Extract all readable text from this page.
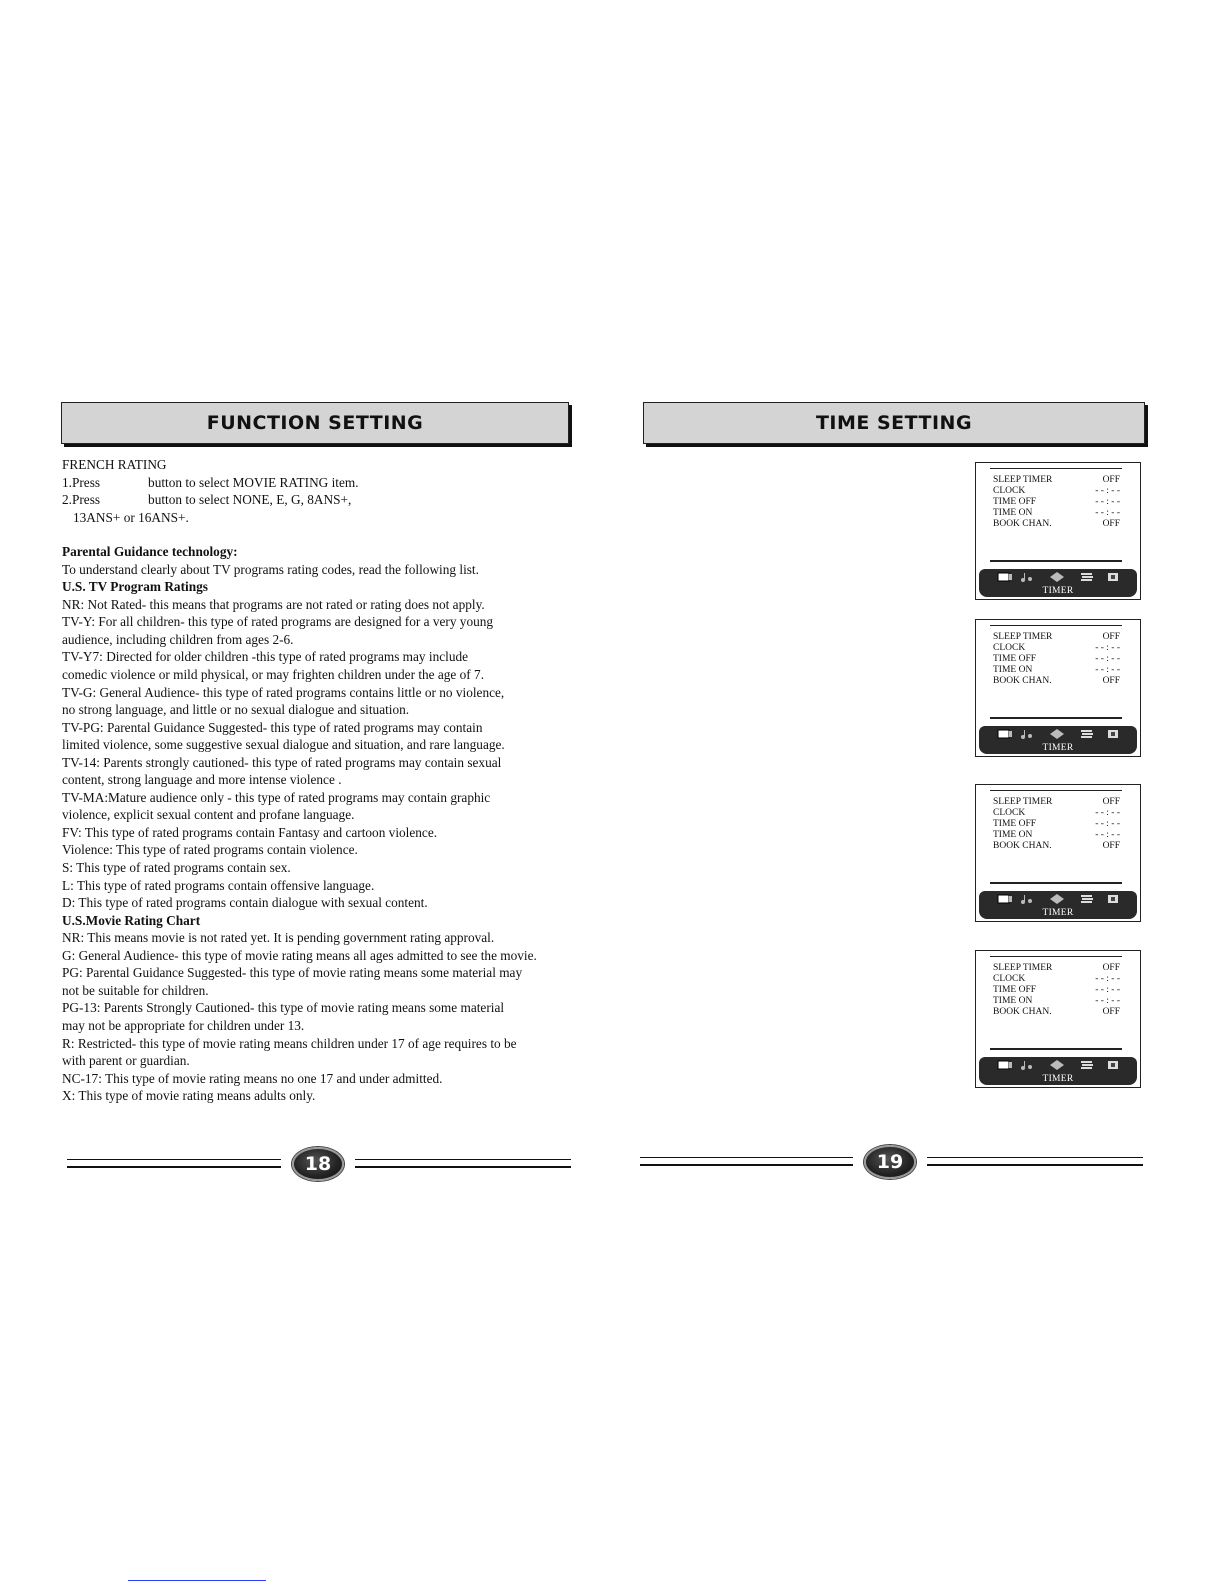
FUNCTION SETTING

FRENCH RATING

1.Press	button to select MOVIE RATING item.

2.Press	button to select NONE, E, G, 8ANS+,

13ANS+ or 16ANS+.

Parental Guidance technology:

To understand clearly about TV programs rating codes, read the following list.

U.S. TV Program Ratings

NR: Not Rated- this means that programs are not rated or rating does not apply.

TV-Y: For all children- this type of rated programs are designed for a very young

audience, including children from ages 2-6.

TV-Y7: Directed for older children -this type of rated programs may include

comedic violence or mild physical, or may frighten children under the age of 7.

TV-G: General Audience- this type of rated programs contains little or no violence,

no strong language, and little or no sexual dialogue and situation.

TV-PG: Parental Guidance Suggested- this type of rated programs may contain

limited violence, some suggestive sexual dialogue and situation, and rare language.

TV-14: Parents strongly cautioned- this type of rated programs may contain sexual

content, strong language and more intense violence .

TV-MA:Mature audience only - this type of rated programs may contain graphic

violence, explicit sexual content and profane language.

FV: This type of rated programs contain Fantasy and cartoon violence.

Violence: This type of rated programs contain violence.

S: This type of rated programs contain sex.

L: This type of rated programs contain offensive language.

D: This type of rated programs contain dialogue with sexual content.

U.S.Movie Rating Chart

NR: This means movie is not rated yet. It is pending government rating approval.

G: General Audience- this type of movie rating means all ages admitted to see the movie.

PG: Parental Guidance Suggested- this type of movie rating means some material may

not be suitable for children.

PG-13: Parents Strongly Cautioned- this type of movie rating means some material

may not be appropriate for children under 13.

R: Restricted- this type of movie rating means children under 17 of age requires to be

with parent or guardian.

NC-17: This type of movie rating means no one 17 and under admitted.

X: This type of movie rating means adults only.

TIME SETTING
SLEEP TIMER	OFF
CLOCK	- - : - -
TIME OFF	- - : - -
TIME ON	- - : - -
BOOK CHAN.	OFF
TIMER
SLEEP TIMER	OFF
CLOCK	- - : - -
TIME OFF	- - : - -
TIME ON	- - : - -
BOOK CHAN.	OFF
TIMER
SLEEP TIMER	OFF
CLOCK	- - : - -
TIME OFF	- - : - -
TIME ON	- - : - -
BOOK CHAN.	OFF
TIMER
SLEEP TIMER	OFF
CLOCK	- - : - -
TIME OFF	- - : - -
TIME ON	- - : - -
BOOK CHAN.	OFF
TIMER
18	19
